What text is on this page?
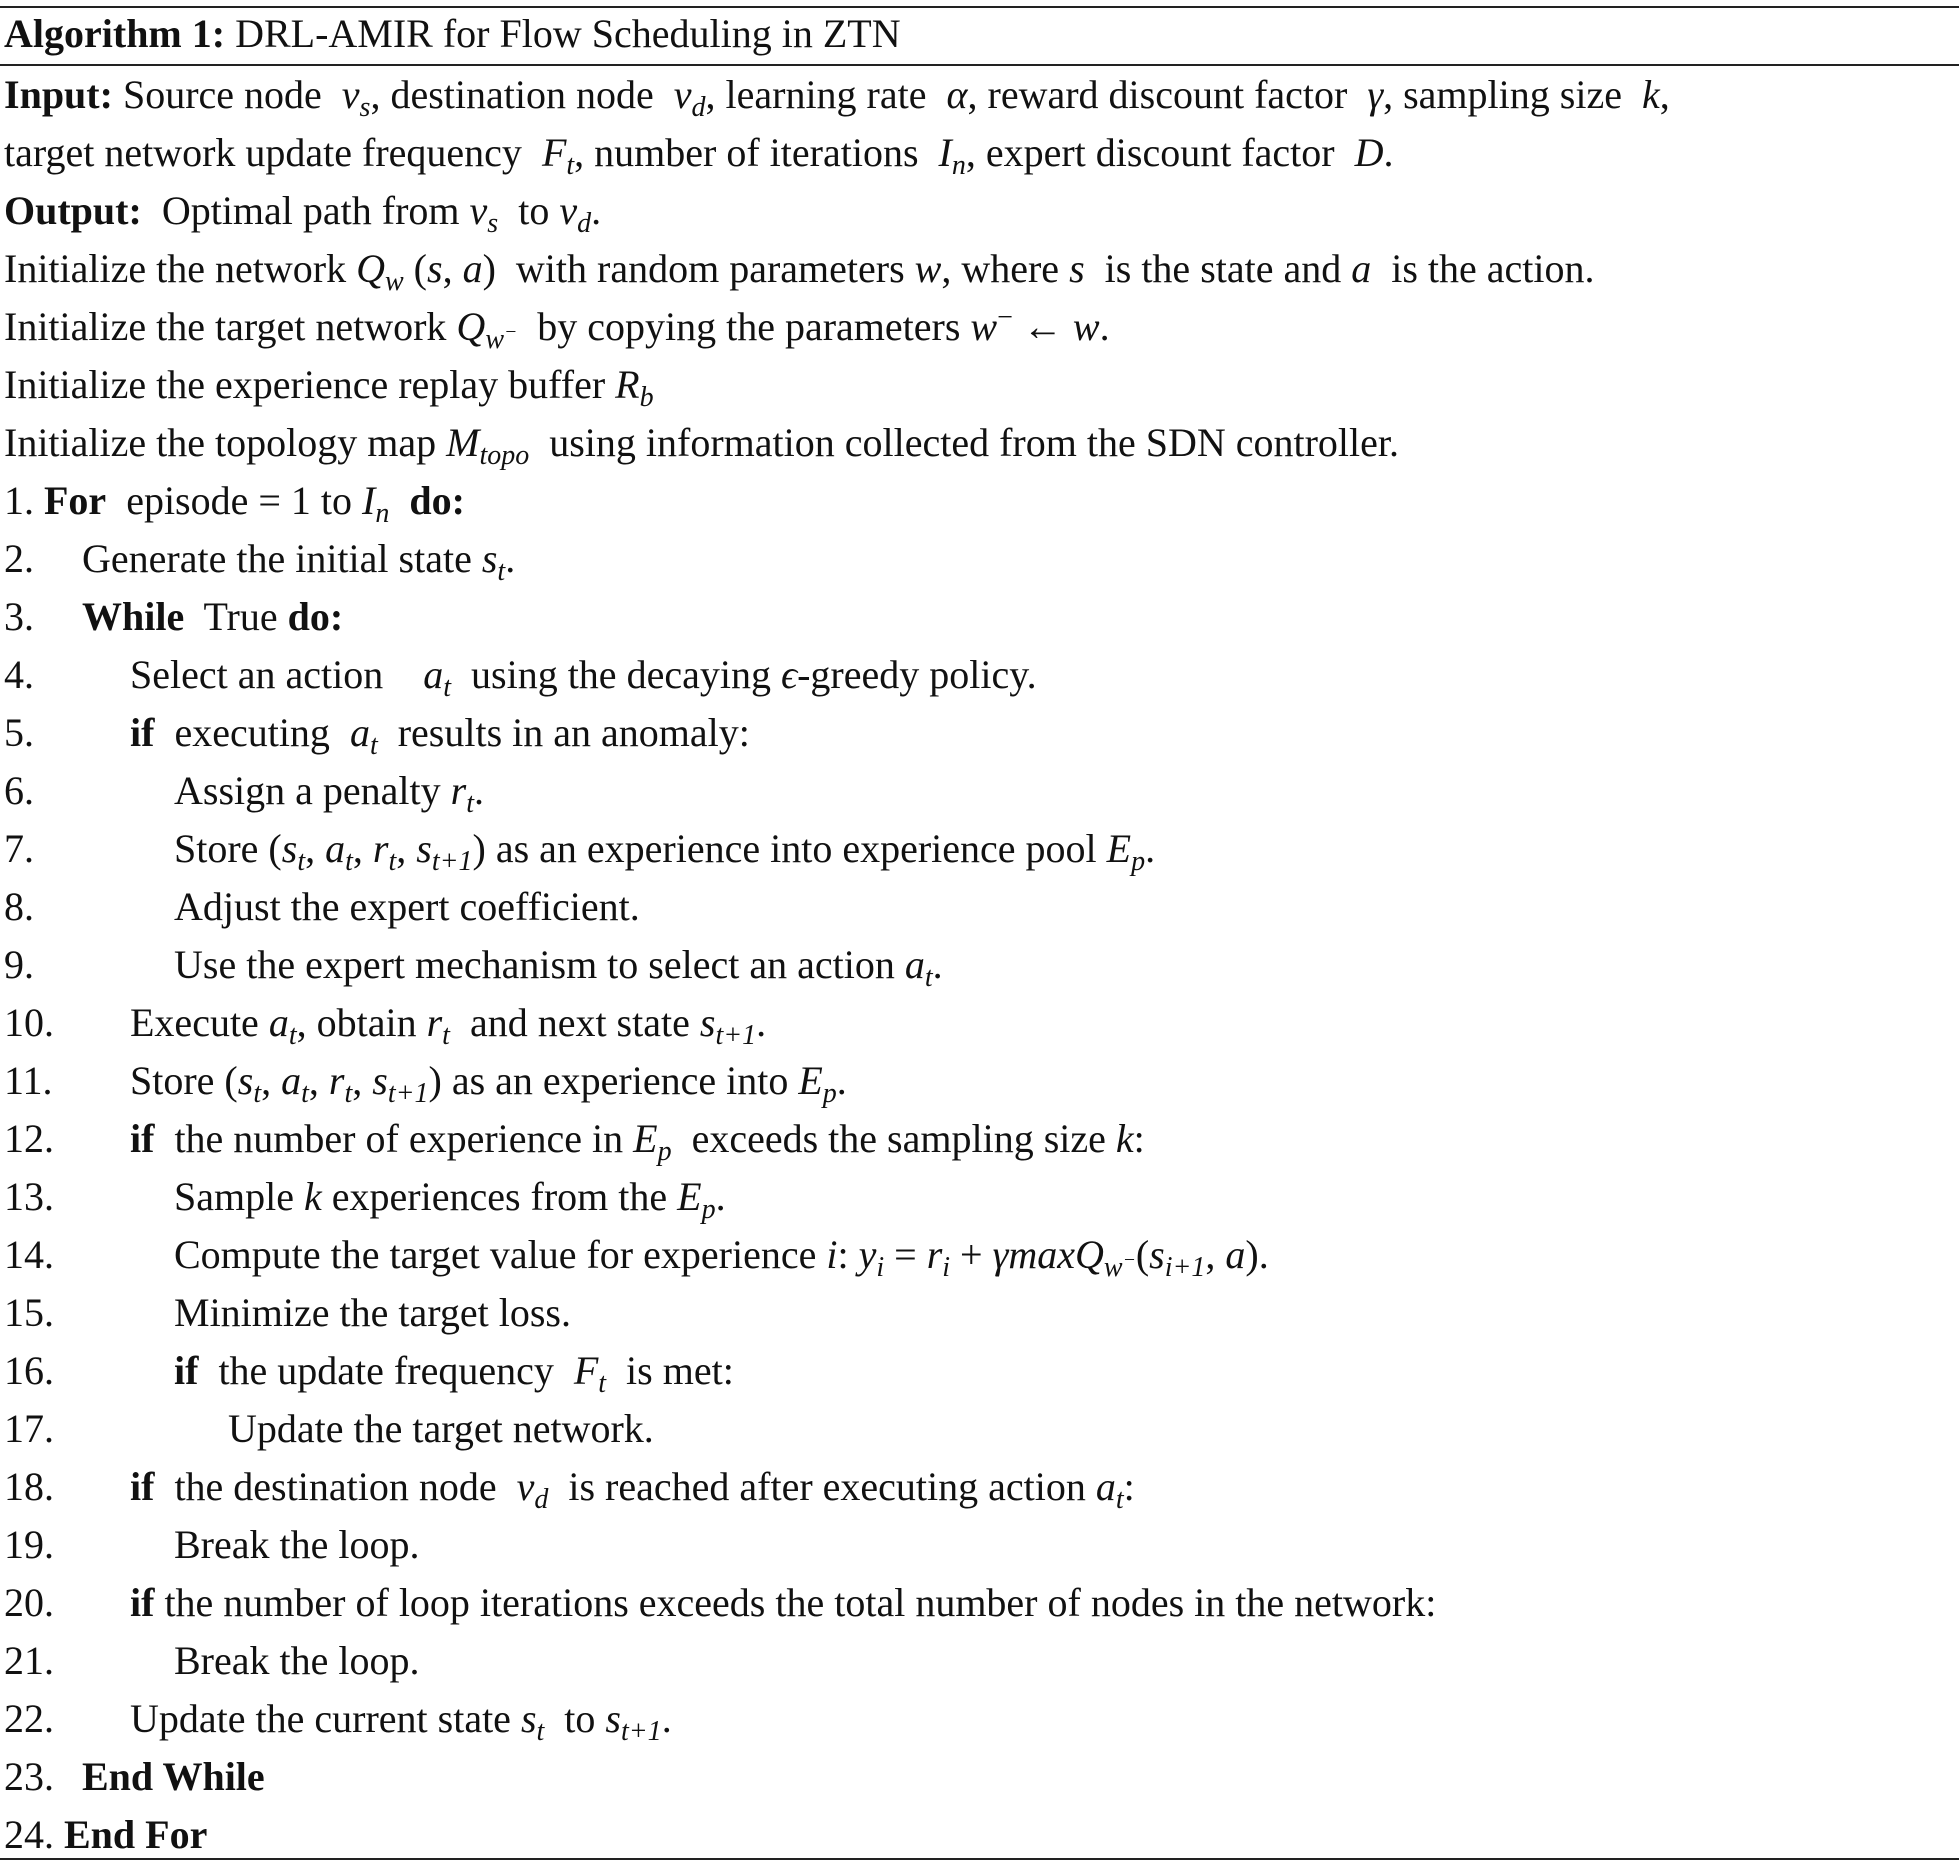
Algorithm 1:
DRL-AMIR for Flow Scheduling in ZTN
Input: Source node  $v_s$, destination node  $v_d$, learning rate  α, reward discount factor  γ, sampling size  k,
target network update frequency  $F_t$, number of iterations  $I_n$, expert discount factor  D.
Output:  Optimal path from $v_s$  to $v_d$.
Initialize the network $Q_w$ (s, a)  with random parameters w, where s  is the state and a  is the action.
Initialize the target network $Q_{w^-}$  by copying the parameters w− ← w.
Initialize the experience replay buffer $R_b$
Initialize the topology map $M_{topo}$  using information collected from the SDN controller.
1. For  episode = 1 to $I_n$ do:
2. Generate the initial state $s_t$.
3. While  True do:
4. Select an action    $a_t$  using the decaying ϵ-greedy policy.
5. if  executing  $a_t$  results in an anomaly:
6.	Assign a penalty $r_t$.
7.	Store ($s_t$, $a_t$, $r_t$, $s_{t+1}$) as an experience into experience pool $E_p$.
8.	Adjust the expert coefficient.
9.	Use the expert mechanism to select an action $a_t$.
10. Execute $a_t$, obtain $r_t$  and next state $s_{t+1}$.
11. Store ($s_t$, $a_t$, $r_t$, $s_{t+1}$) as an experience into $E_p$.
12. if  the number of experience in $E_p$  exceeds the sampling size k:
13.	Sample k experiences from the $E_p$.
14.	Compute the target value for experience i: $y_i = r_i + \gamma\max Q_{w^-}(s_{i+1}$, a).
15.	Minimize the target loss.
16.	if  the update frequency  $F_t$  is met:
17.	Update the target network.
18. if  the destination node  $v_d$  is reached after executing action $a_t$:
19.	Break the loop.
20. if the number of loop iterations exceeds the total number of nodes in the network:
21.	Break the loop.
22. Update the current state $s_t$  to $s_{t+1}$.
23. End While
24. End For
